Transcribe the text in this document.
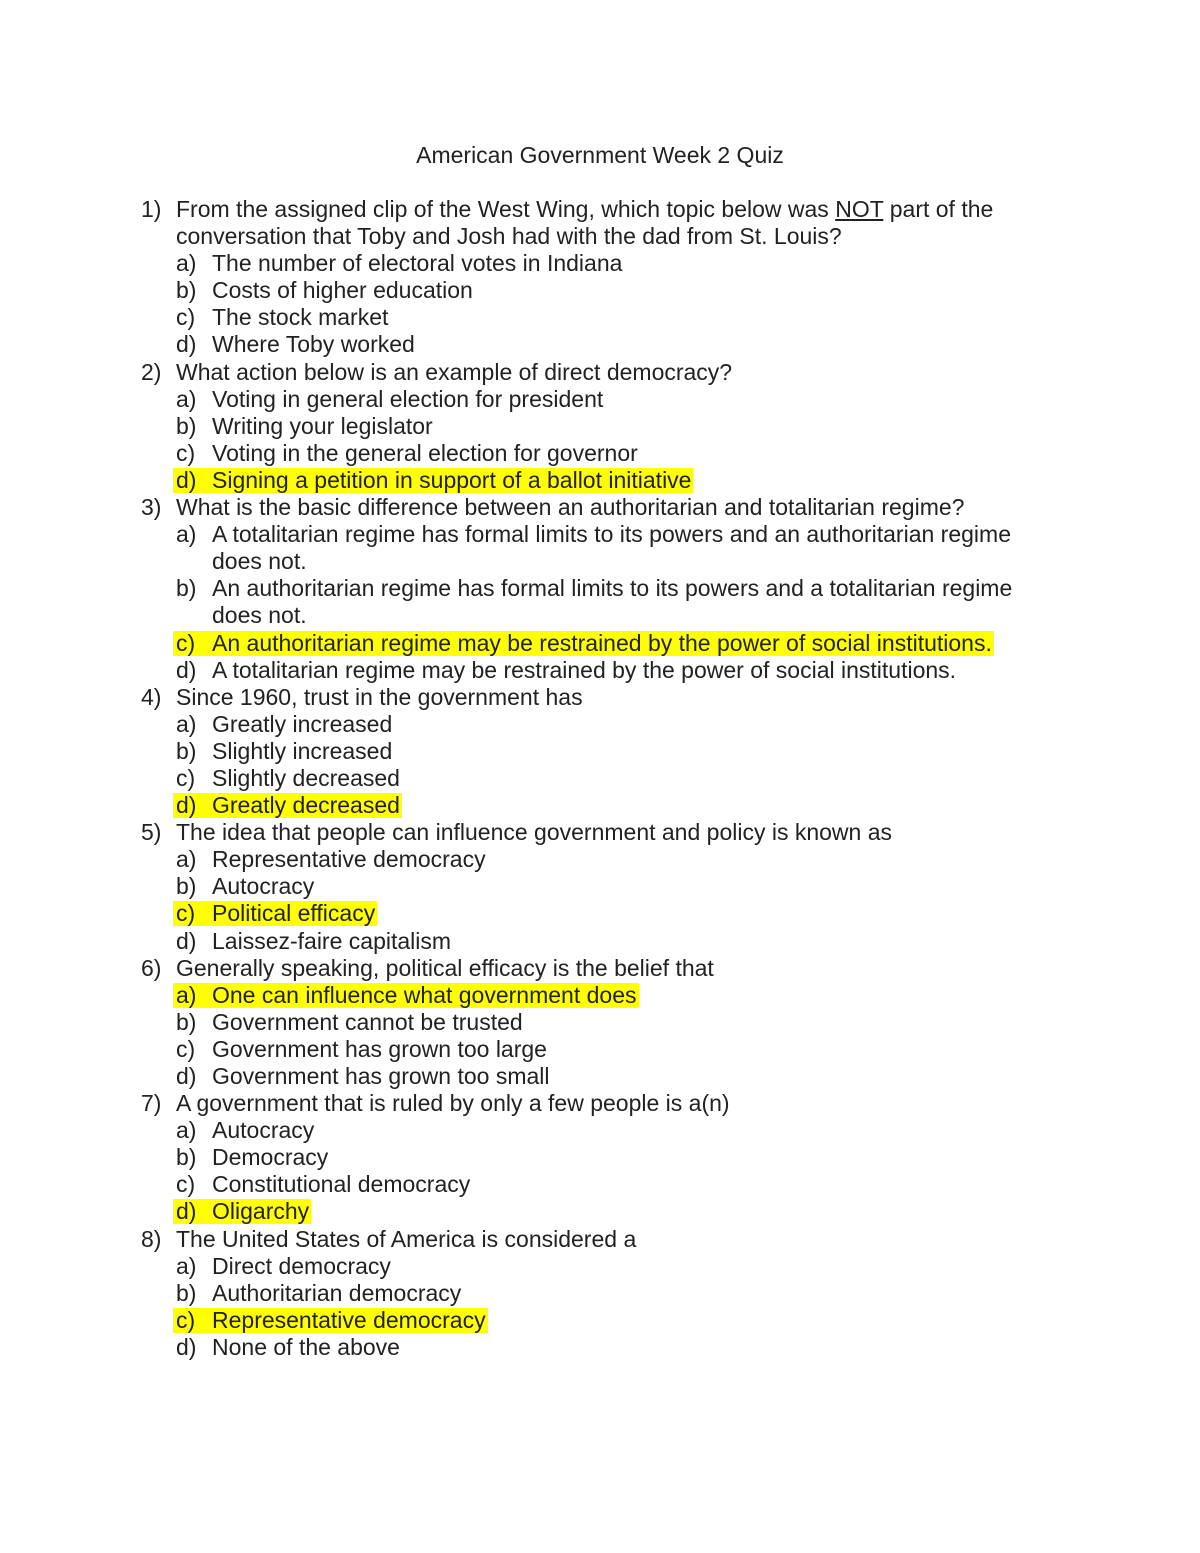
American Government Week 2 Quiz
1) From the assigned clip of the West Wing, which topic below was NOT part of the
conversation that Toby and Josh had with the dad from St. Louis?
a) The number of electoral votes in Indiana
b) Costs of higher education
c) The stock market
d) Where Toby worked
2) What action below is an example of direct democracy?
a) Voting in general election for president
b) Writing your legislator
c) Voting in the general election for governor
d) Signing a petition in support of a ballot initiative
3) What is the basic difference between an authoritarian and totalitarian regime?
a) A totalitarian regime has formal limits to its powers and an authoritarian regime
does not.
b) An authoritarian regime has formal limits to its powers and a totalitarian regime
does not.
c) An authoritarian regime may be restrained by the power of social institutions.
d) A totalitarian regime may be restrained by the power of social institutions.
4) Since 1960, trust in the government has
a) Greatly increased
b) Slightly increased
c) Slightly decreased
d) Greatly decreased
5) The idea that people can influence government and policy is known as
a) Representative democracy
b) Autocracy
c) Political efficacy
d) Laissez-faire capitalism
6) Generally speaking, political efficacy is the belief that
a) One can influence what government does
b) Government cannot be trusted
c) Government has grown too large
d) Government has grown too small
7) A government that is ruled by only a few people is a(n)
a) Autocracy
b) Democracy
c) Constitutional democracy
d) Oligarchy
8) The United States of America is considered a
a) Direct democracy
b) Authoritarian democracy
c) Representative democracy
d) None of the above
